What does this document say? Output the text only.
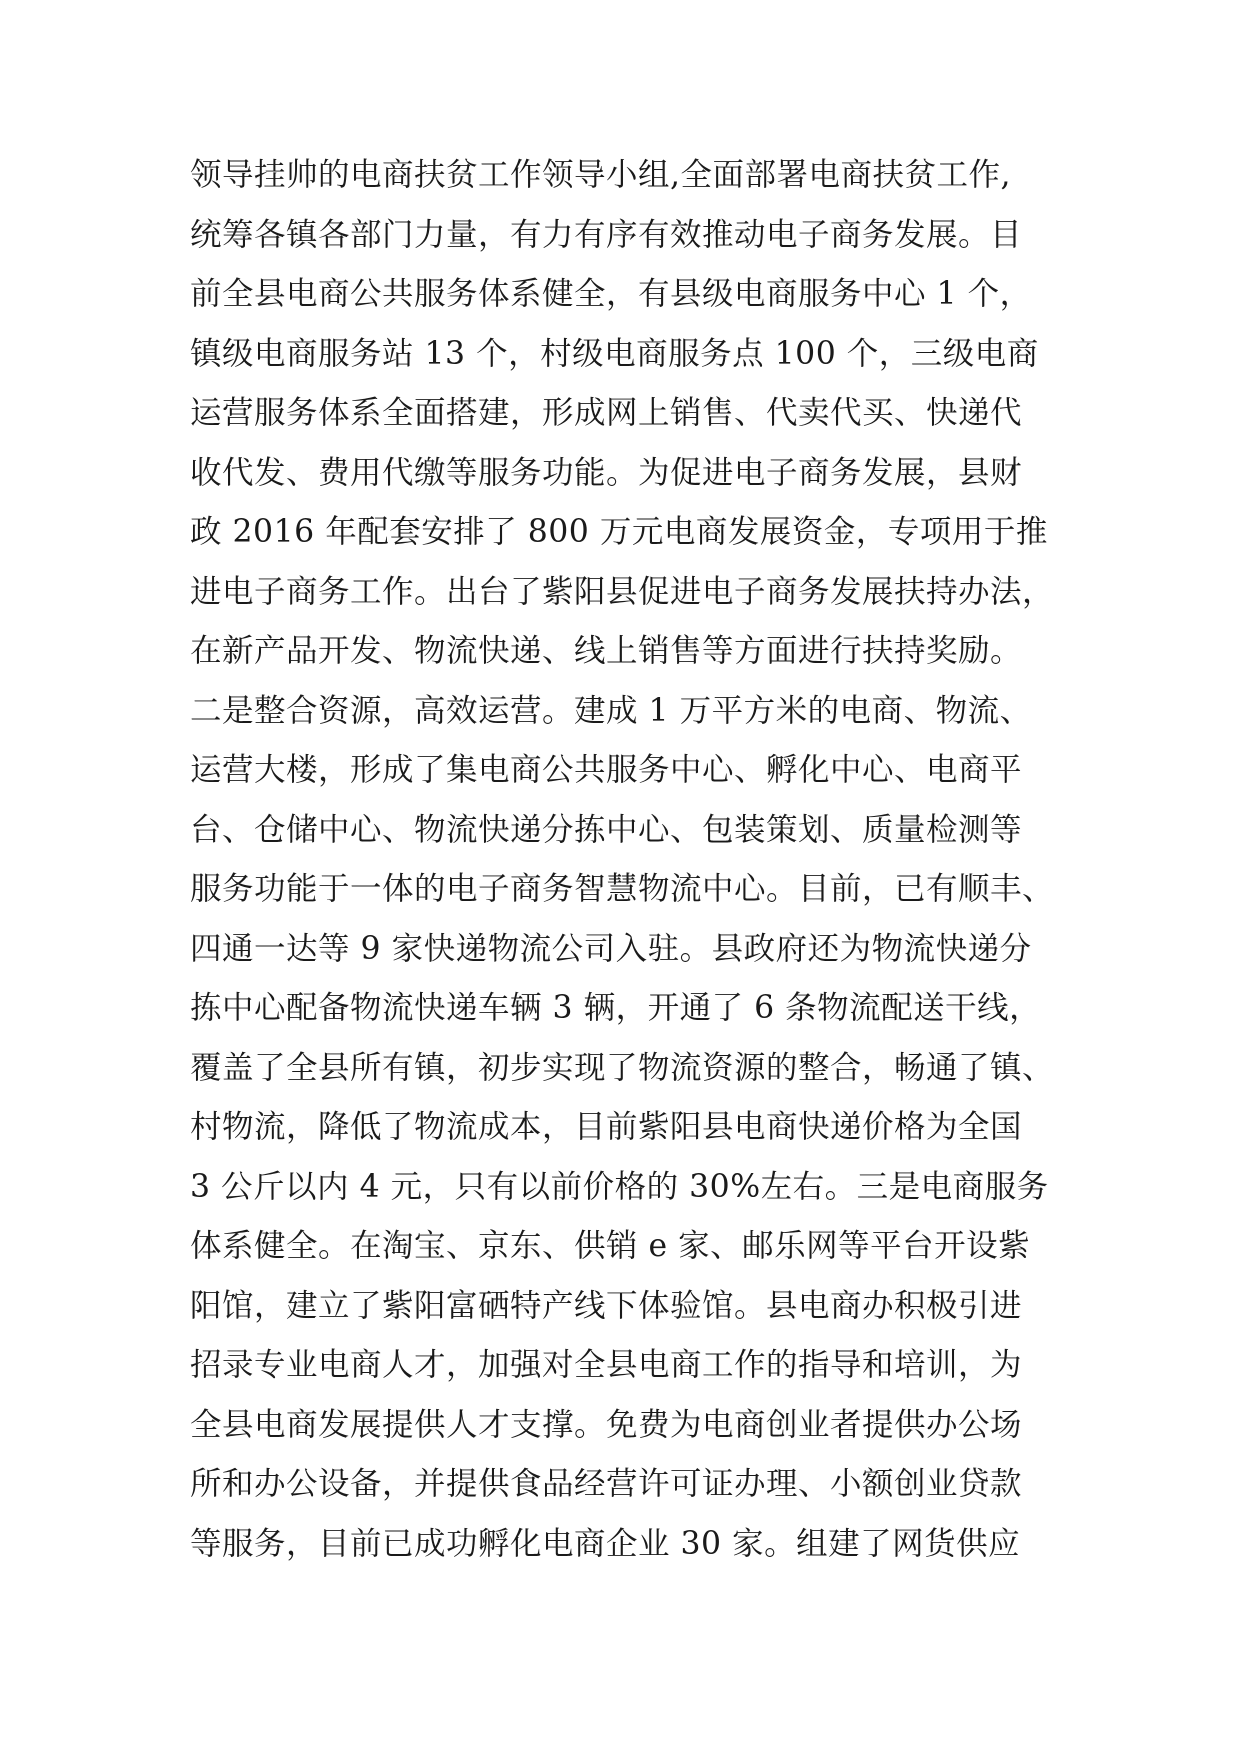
领导挂帅的电商扶贫工作领导小组,全面部署电商扶贫工作,
统筹各镇各部门力量，有力有序有效推动电子商务发展。目
前全县电商公共服务体系健全，有县级电商服务中心 1 个，
镇级电商服务站 13 个，村级电商服务点 100 个，三级电商
运营服务体系全面搭建，形成网上销售、代卖代买、快递代
收代发、费用代缴等服务功能。为促进电子商务发展，县财
政 2016 年配套安排了 800 万元电商发展资金，专项用于推
进电子商务工作。出台了紫阳县促进电子商务发展扶持办法，
在新产品开发、物流快递、线上销售等方面进行扶持奖励。
二是整合资源，高效运营。建成 1 万平方米的电商、物流、
运营大楼，形成了集电商公共服务中心、孵化中心、电商平
台、仓储中心、物流快递分拣中心、包装策划、质量检测等
服务功能于一体的电子商务智慧物流中心。目前，已有顺丰、
四通一达等 9 家快递物流公司入驻。县政府还为物流快递分
拣中心配备物流快递车辆 3 辆，开通了 6 条物流配送干线，
覆盖了全县所有镇，初步实现了物流资源的整合，畅通了镇、
村物流，降低了物流成本，目前紫阳县电商快递价格为全国
3 公斤以内 4 元，只有以前价格的 30%左右。三是电商服务
体系健全。在淘宝、京东、供销 e 家、邮乐网等平台开设紫
阳馆，建立了紫阳富硒特产线下体验馆。县电商办积极引进
招录专业电商人才，加强对全县电商工作的指导和培训，为
全县电商发展提供人才支撑。免费为电商创业者提供办公场
所和办公设备，并提供食品经营许可证办理、小额创业贷款
等服务，目前已成功孵化电商企业 30 家。组建了网货供应
